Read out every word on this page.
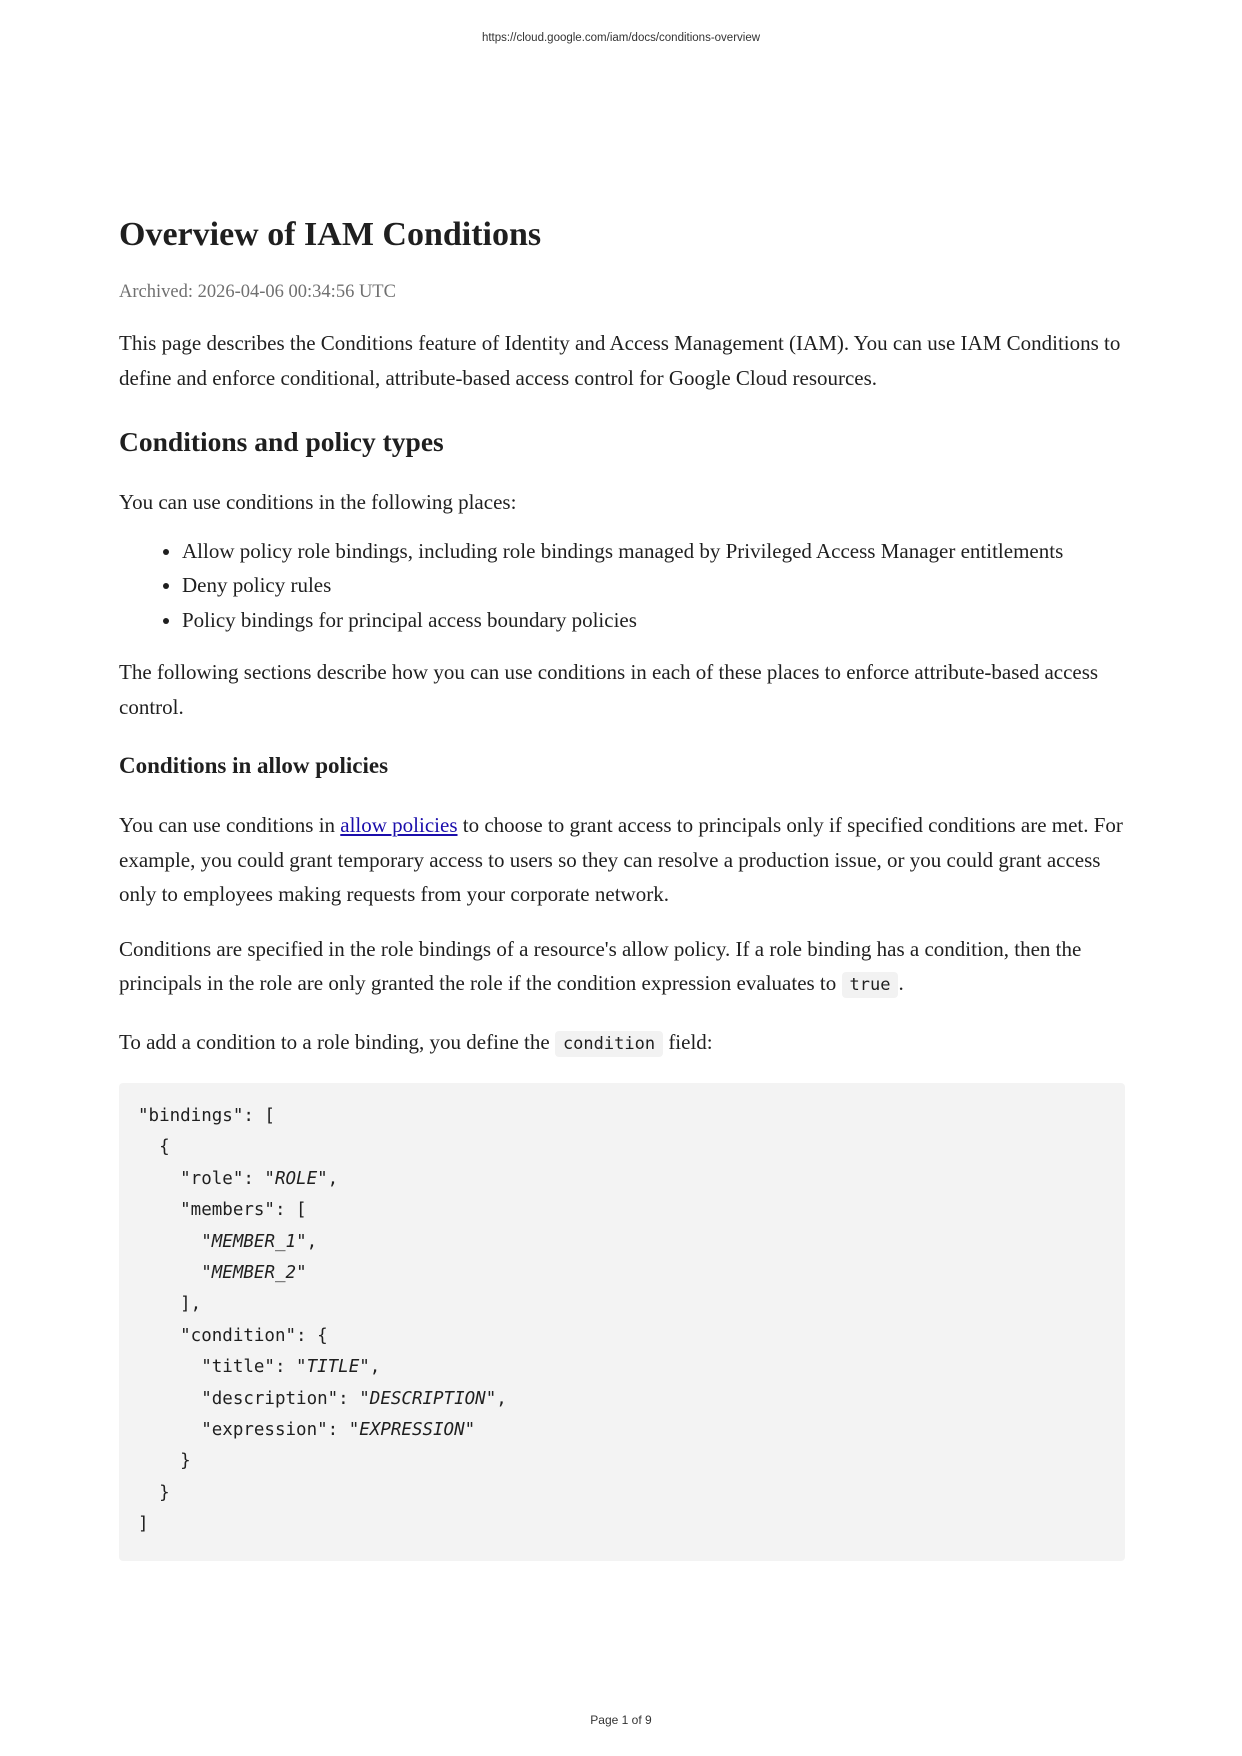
https://cloud.google.com/iam/docs/conditions-overview
Overview of IAM Conditions
Archived: 2026-04-06 00:34:56 UTC

This page describes the Conditions feature of Identity and Access Management (IAM). You can use IAM Conditions to define and enforce conditional, attribute-based access control for Google Cloud resources.

Conditions and policy types

You can use conditions in the following places:

• Allow policy role bindings, including role bindings managed by Privileged Access Manager entitlements
• Deny policy rules
• Policy bindings for principal access boundary policies

The following sections describe how you can use conditions in each of these places to enforce attribute-based access control.

Conditions in allow policies

You can use conditions in allow policies to choose to grant access to principals only if specified conditions are met. For example, you could grant temporary access to users so they can resolve a production issue, or you could grant access only to employees making requests from your corporate network.

Conditions are specified in the role bindings of a resource's allow policy. If a role binding has a condition, then the principals in the role are only granted the role if the condition expression evaluates to true .

To add a condition to a role binding, you define the condition field:

"bindings": [
{
"role": "ROLE",
"members": [
"MEMBER_1",
"MEMBER_2"
],
"condition": {
"title": "TITLE",
"description": "DESCRIPTION",
"expression": "EXPRESSION"
}
}
]
Page 1 of 9
